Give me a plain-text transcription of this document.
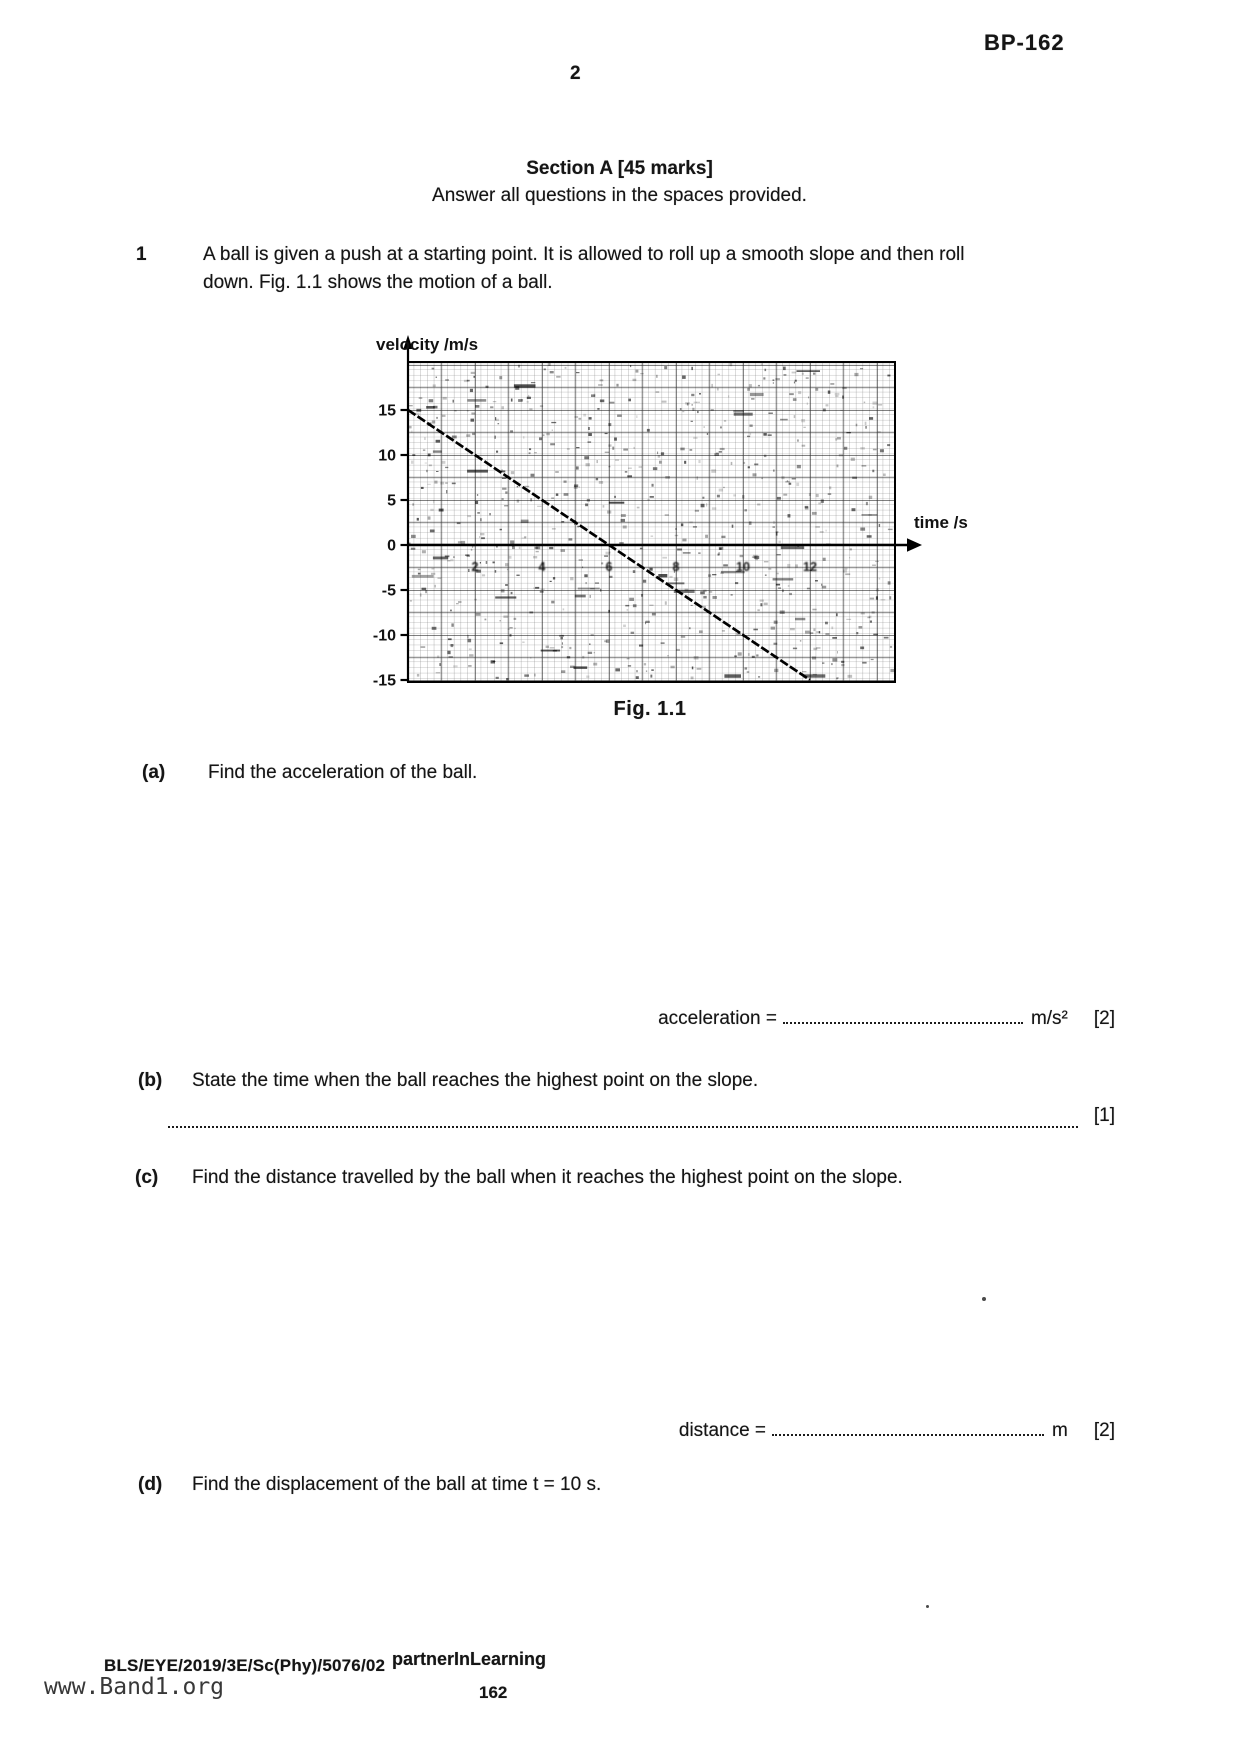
BP-162
2
Section A [45 marks]
Answer all questions in the spaces provided.
1	A ball is given a push at a starting point. It is allowed to roll up a smooth slope and then roll
down. Fig. 1.1 shows the motion of a ball.
15
10
5
0
-5
-10
-15
2	4	6	8	10	12
velocity /m/s
time /s
Fig. 1.1
(a) Find the acceleration of the ball.
acceleration =	m/s² [2]
(b) State the time when the ball reaches the highest point on the slope.
[1]
(c) Find the distance travelled by the ball when it reaches the highest point on the slope.
distance =	m [2]
(d) Find the displacement of the ball at time t = 10 s.
BLS/EYE/2019/3E/Sc(Phy)/5076/02 partnerInLearning
162
www.Band1.org
